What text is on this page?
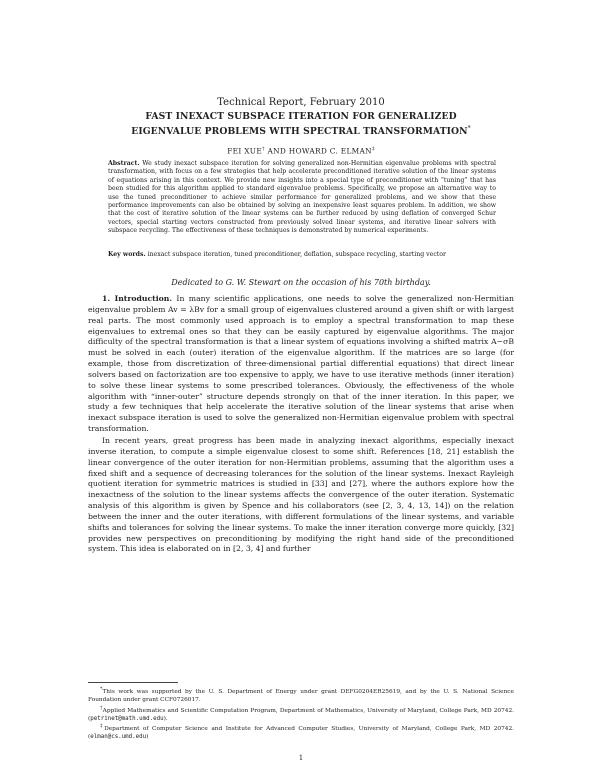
Technical Report, February 2010
FAST INEXACT SUBSPACE ITERATION FOR GENERALIZED
EIGENVALUE PROBLEMS WITH SPECTRAL TRANSFORMATION*
FEI XUE† AND HOWARD C. ELMAN‡
Abstract. We study inexact subspace iteration for solving generalized non-Hermitian eigenvalue problems with spectral transformation, with focus on a few strategies that help accelerate preconditioned iterative solution of the linear systems of equations arising in this context. We provide new insights into a special type of preconditioner with “tuning” that has been studied for this algorithm applied to standard eigenvalue problems. Specifically, we propose an alternative way to use the tuned preconditioner to achieve similar performance for generalized problems, and we show that these performance improvements can also be obtained by solving an inexpensive least squares problem. In addition, we show that the cost of iterative solution of the linear systems can be further reduced by using deflation of converged Schur vectors, special starting vectors constructed from previously solved linear systems, and iterative linear solvers with subspace recycling. The effectiveness of these techniques is demonstrated by numerical experiments.
Key words. inexact subspace iteration, tuned preconditioner, deflation, subspace recycling, starting vector
Dedicated to G. W. Stewart on the occasion of his 70th birthday.

1. Introduction. In many scientific applications, one needs to solve the generalized non-Hermitian eigenvalue problem Av = λBv for a small group of eigenvalues clustered around a given shift or with largest real parts. The most commonly used approach is to employ a spectral transformation to map these eigenvalues to extremal ones so that they can be easily captured by eigenvalue algorithms. The major difficulty of the spectral transformation is that a linear system of equations involving a shifted matrix A−σB must be solved in each (outer) iteration of the eigenvalue algorithm. If the matrices are so large (for example, those from discretization of three-dimensional partial differential equations) that direct linear solvers based on factorization are too expensive to apply, we have to use iterative methods (inner iteration) to solve these linear systems to some prescribed tolerances. Obviously, the effectiveness of the whole algorithm with “inner-outer” structure depends strongly on that of the inner iteration. In this paper, we study a few techniques that help accelerate the iterative solution of the linear systems that arise when inexact subspace iteration is used to solve the generalized non-Hermitian eigenvalue problem with spectral transformation.

In recent years, great progress has been made in analyzing inexact algorithms, especially inexact inverse iteration, to compute a simple eigenvalue closest to some shift. References [18, 21] establish the linear convergence of the outer iteration for non-Hermitian problems, assuming that the algorithm uses a fixed shift and a sequence of decreasing tolerances for the solution of the linear systems. Inexact Rayleigh quotient iteration for symmetric matrices is studied in [33] and [27], where the authors explore how the inexactness of the solution to the linear systems affects the convergence of the outer iteration. Systematic analysis of this algorithm is given by Spence and his collaborators (see [2, 3, 4, 13, 14]) on the relation between the inner and the outer iterations, with different formulations of the linear systems, and variable shifts and tolerances for solving the linear systems. To make the inner iteration converge more quickly, [32] provides new perspectives on preconditioning by modifying the right hand side of the preconditioned system. This idea is elaborated on in [2, 3, 4] and further

*This work was supported by the U. S. Department of Energy under grant DEFG0204ER25619, and by the U. S. National Science Foundation under grant CCF0726017.

†Applied Mathematics and Scientific Computation Program, Department of Mathematics, University of Maryland, College Park, MD 20742. (petrinet@math.umd.edu).

‡Department of Computer Science and Institute for Advanced Computer Studies, University of Maryland, College Park, MD 20742. (elman@cs.umd.edu)

1
